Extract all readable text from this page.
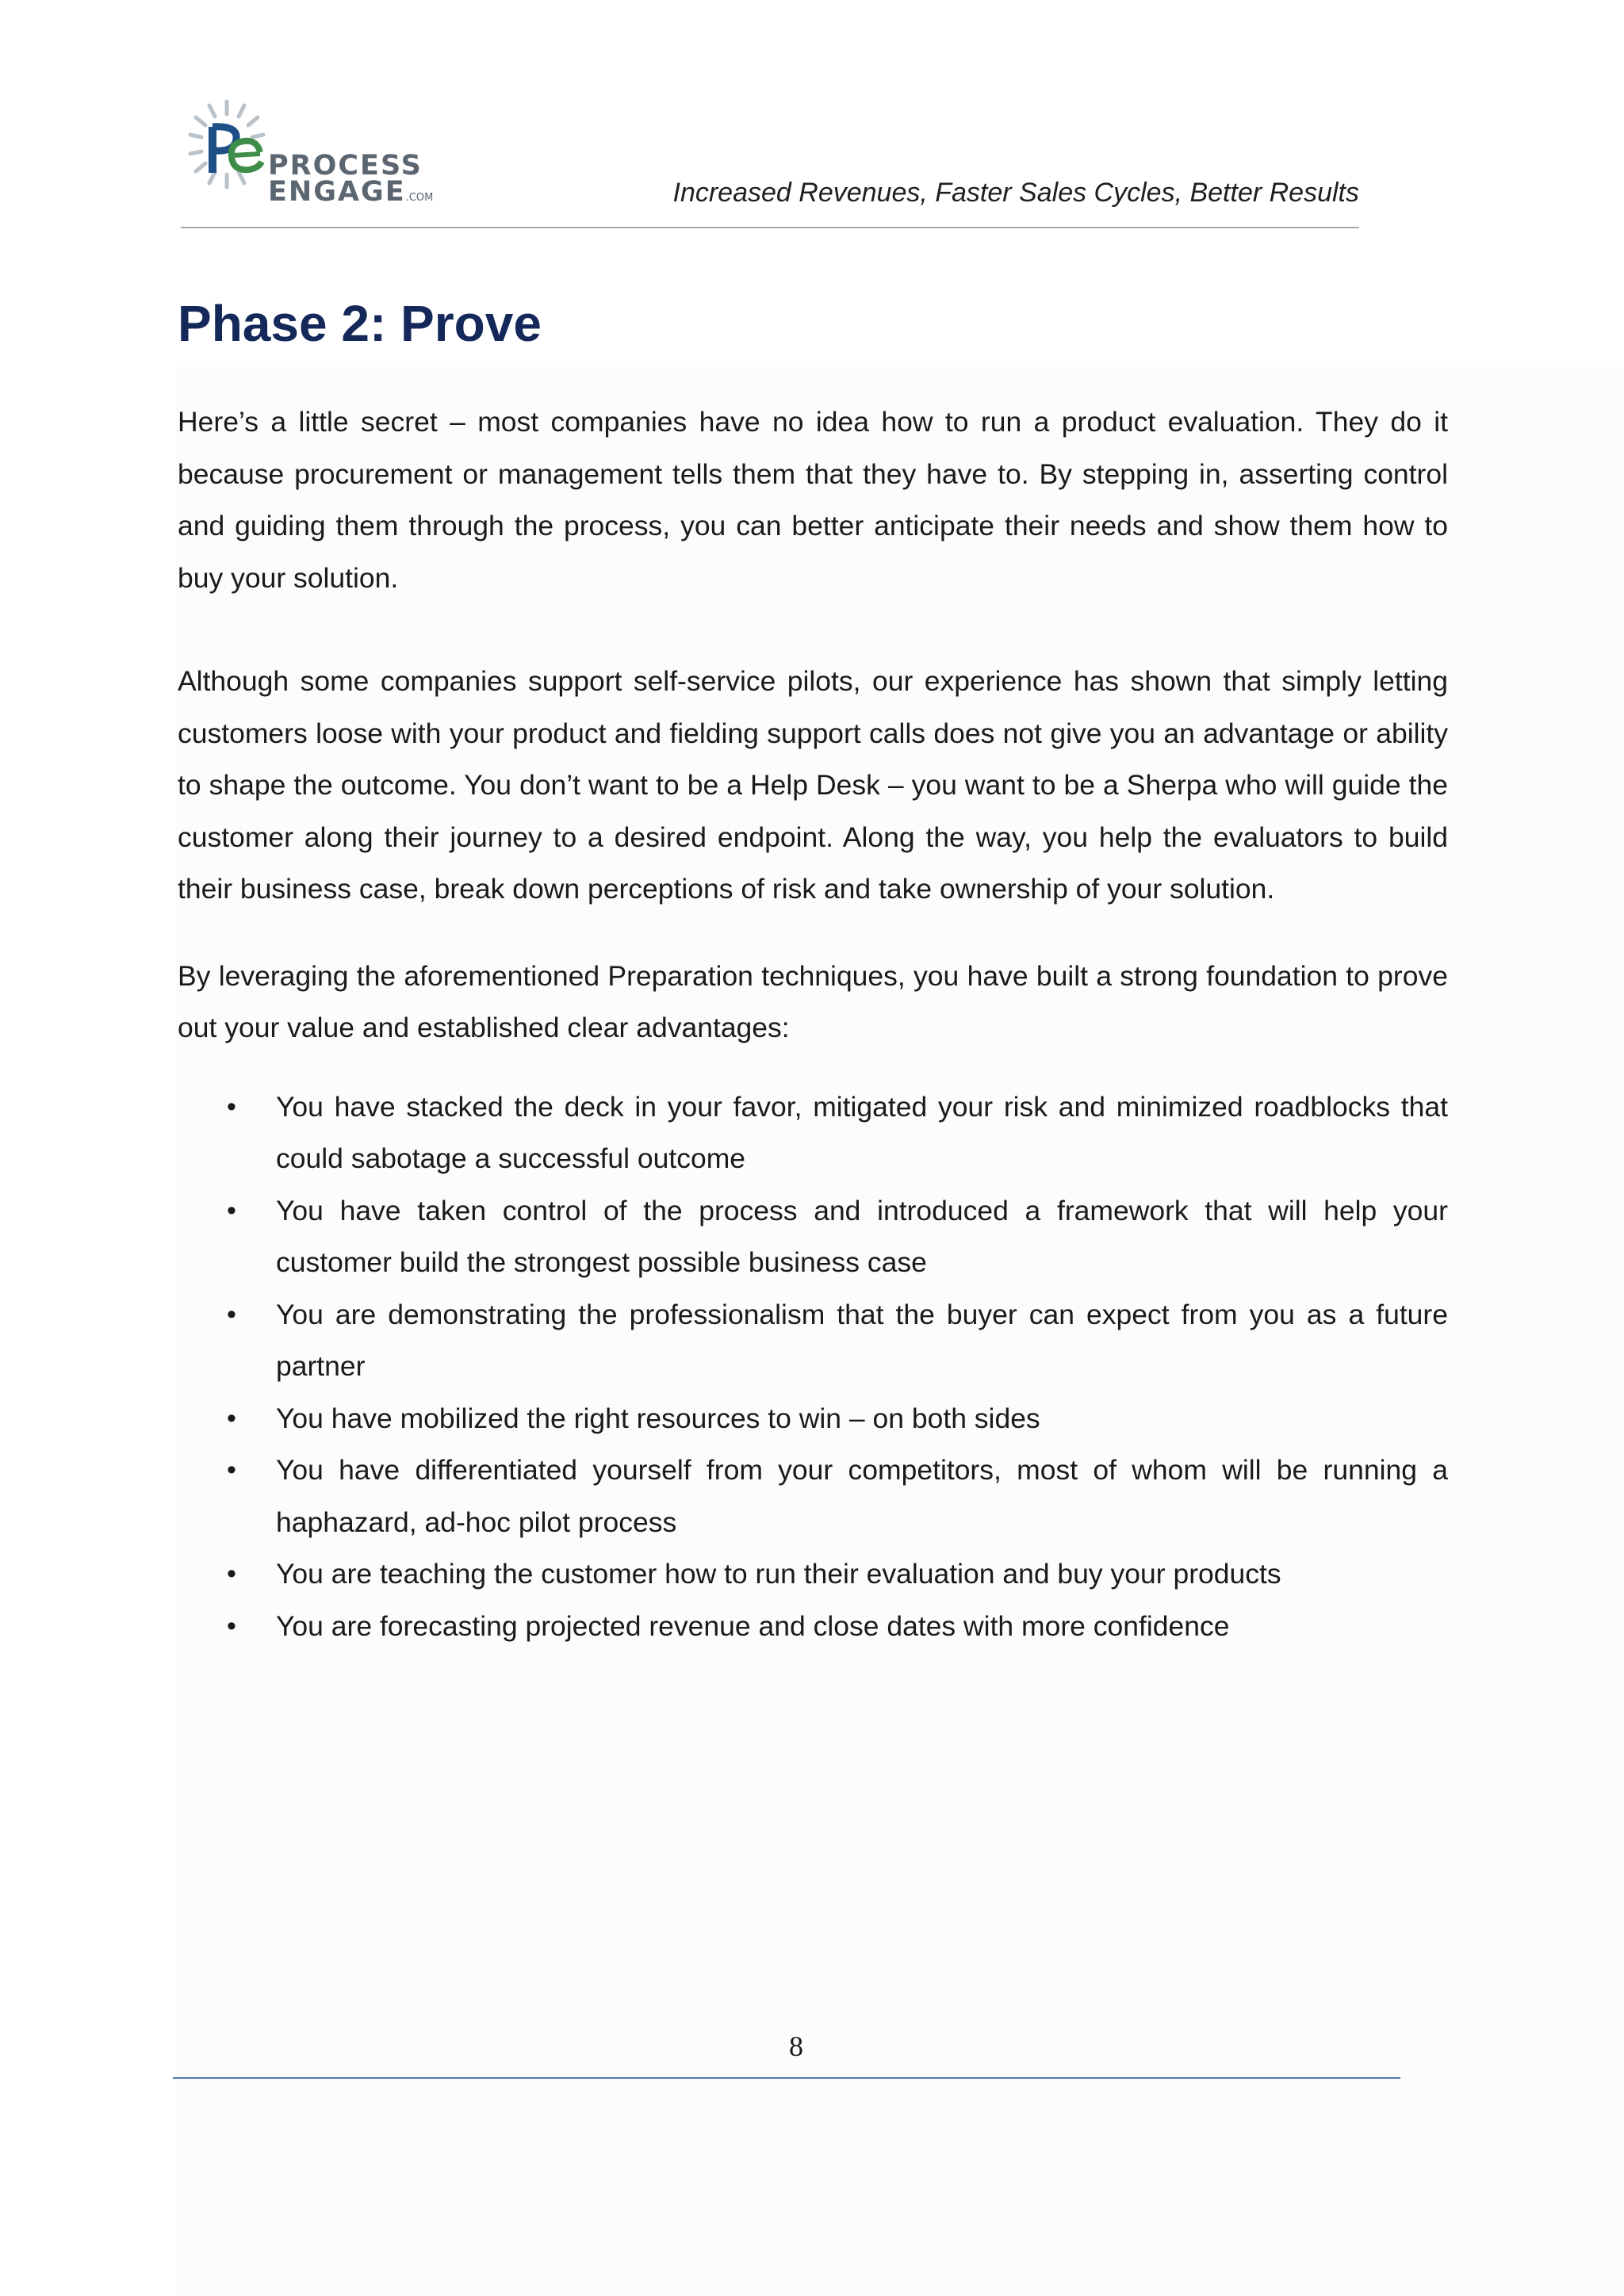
PROCESS
ENGAGE.COM	Increased Revenues, Faster Sales Cycles, Better Results
Phase 2: Prove

Here’s a little secret – most companies have no idea how to run a product evaluation. They do it because procurement or management tells them that they have to. By stepping in, asserting control and guiding them through the process, you can better anticipate their needs and show them how to buy your solution.

Although some companies support self-service pilots, our experience has shown that simply letting customers loose with your product and fielding support calls does not give you an advantage or ability to shape the outcome. You don’t want to be a Help Desk – you want to be a Sherpa who will guide the customer along their journey to a desired endpoint. Along the way, you help the evaluators to build their business case, break down perceptions of risk and take ownership of your solution.

By leveraging the aforementioned Preparation techniques, you have built a strong foundation to prove out your value and established clear advantages:

• You have stacked the deck in your favor, mitigated your risk and minimized roadblocks that could sabotage a successful outcome
• You have taken control of the process and introduced a framework that will help your customer build the strongest possible business case
• You are demonstrating the professionalism that the buyer can expect from you as a future partner
• You have mobilized the right resources to win – on both sides
• You have differentiated yourself from your competitors, most of whom will be running a haphazard, ad-hoc pilot process
• You are teaching the customer how to run their evaluation and buy your products
• You are forecasting projected revenue and close dates with more confidence
8
